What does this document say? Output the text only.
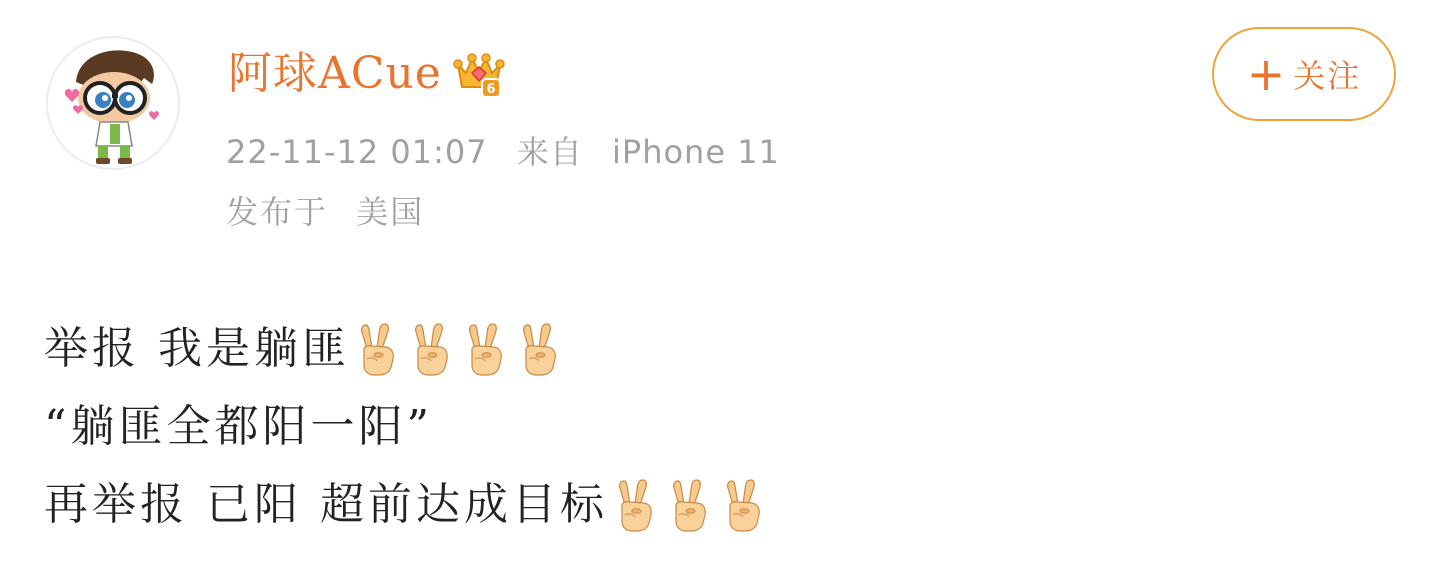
阿球ACue	6	+ 关注
22-11-12 01:07 来自 iPhone 11
发布于 美国
举报 我是躺匪
“躺匪全都阳一阳”
再举报 已阳 超前达成目标
